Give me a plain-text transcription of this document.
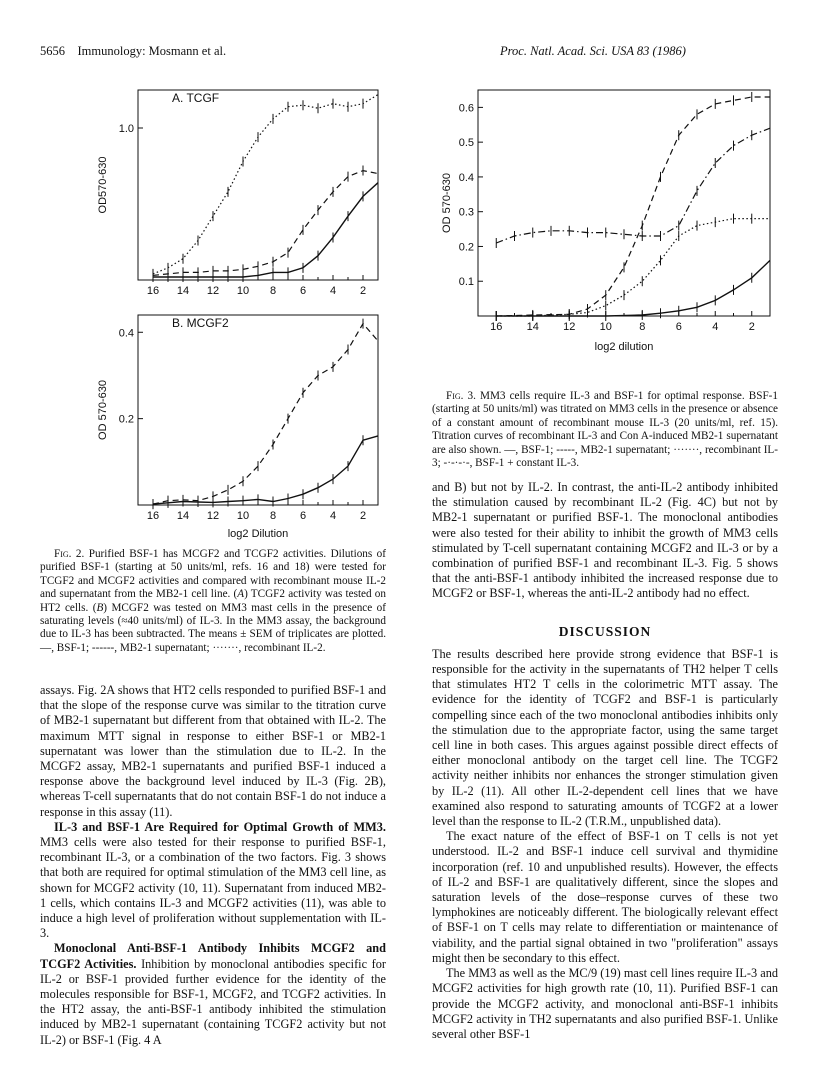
5656 Immunology: Mosmann et al.	Proc. Natl. Acad. Sci. USA 83 (1986)
16 14 12 10 8 6 4 2
1.0
A. TCGF
OD570-630
16 14 12 10 8 6 4 2
0.2
0.4
B. MCGF2
OD 570-630
log2 Dilution
16 14 12 10 8	6	4	2
0.1
0.2
0.3
0.4
0.5
0.6
OD 570-630
log2 dilution

Fig. 2. Purified BSF-1 has MCGF2 and TCGF2 activities. Dilutions of purified BSF-1 (starting at 50 units/ml, refs. 16 and 18) were tested for TCGF2 and MCGF2 activities and compared with recombinant mouse IL-2 and supernatant from the MB2-1 cell line. (A) TCGF2 activity was tested on HT2 cells. (B) MCGF2 was tested on MM3 mast cells in the presence of saturating levels (≈40 units/ml) of IL-3. In the MM3 assay, the background due to IL-3 has been subtracted. The means ± SEM of triplicates are plotted. —, BSF-1; ------, MB2-1 supernatant; ·······, recombinant IL-2.

Fig. 3. MM3 cells require IL-3 and BSF-1 for optimal response. BSF-1 (starting at 50 units/ml) was titrated on MM3 cells in the presence or absence of a constant amount of recombinant mouse IL-3 (20 units/ml, ref. 15). Titration curves of recombinant IL-3 and Con A-induced MB2-1 supernatant are also shown. —, BSF-1; -----, MB2-1 supernatant; ·······, recombinant IL-3; -·-·-·-, BSF-1 + constant IL-3.

assays. Fig. 2A shows that HT2 cells responded to purified BSF-1 and that the slope of the response curve was similar to the titration curve of MB2-1 supernatant but different from that obtained with IL-2. The maximum MTT signal in response to either BSF-1 or MB2-1 supernatant was lower than the stimulation due to IL-2. In the MCGF2 assay, MB2-1 supernatants and purified BSF-1 induced a response above the background level induced by IL-3 (Fig. 2B), whereas T-cell supernatants that do not contain BSF-1 do not induce a response in this assay (11).

IL-3 and BSF-1 Are Required for Optimal Growth of MM3. MM3 cells were also tested for their response to purified BSF-1, recombinant IL-3, or a combination of the two factors. Fig. 3 shows that both are required for optimal stimulation of the MM3 cell line, as shown for MCGF2 activity (10, 11). Supernatant from induced MB2-1 cells, which contains IL-3 and MCGF2 activities (11), was able to induce a high level of proliferation without supplementation with IL-3.

Monoclonal Anti-BSF-1 Antibody Inhibits MCGF2 and TCGF2 Activities. Inhibition by monoclonal antibodies specific for IL-2 or BSF-1 provided further evidence for the identity of the molecules responsible for BSF-1, MCGF2, and TCGF2 activities. In the HT2 assay, the anti-BSF-1 antibody inhibited the stimulation induced by MB2-1 supernatant (containing TCGF2 activity but not IL-2) or BSF-1 (Fig. 4 A

and B) but not by IL-2. In contrast, the anti-IL-2 antibody inhibited the stimulation caused by recombinant IL-2 (Fig. 4C) but not by MB2-1 supernatant or purified BSF-1. The monoclonal antibodies were also tested for their ability to inhibit the growth of MM3 cells stimulated by T-cell supernatant containing MCGF2 and IL-3 or by a combination of purified BSF-1 and recombinant IL-3. Fig. 5 shows that the anti-BSF-1 antibody inhibited the increased response due to MCGF2 or BSF-1, whereas the anti-IL-2 antibody had no effect.

DISCUSSION

The results described here provide strong evidence that BSF-1 is responsible for the activity in the supernatants of TH2 helper T cells that stimulates HT2 T cells in the colorimetric MTT assay. The evidence for the identity of TCGF2 and BSF-1 is particularly compelling since each of the two monoclonal antibodies inhibits only the stimulation due to the appropriate factor, using the same target cell line in both cases. This argues against possible direct effects of either monoclonal antibody on the target cell line. The TCGF2 activity neither inhibits nor enhances the stronger stimulation given by IL-2 (11). All other IL-2-dependent cell lines that we have examined also respond to saturating amounts of TCGF2 at a lower level than the response to IL-2 (T.R.M., unpublished data).

The exact nature of the effect of BSF-1 on T cells is not yet understood. IL-2 and BSF-1 induce cell survival and thymidine incorporation (ref. 10 and unpublished results). However, the effects of IL-2 and BSF-1 are qualitatively different, since the slopes and saturation levels of the dose–response curves of these two lymphokines are noticeably different. The biologically relevant effect of BSF-1 on T cells may relate to differentiation or maintenance of viability, and the partial signal obtained in two "proliferation" assays might then be secondary to this effect.

The MM3 as well as the MC/9 (19) mast cell lines require IL-3 and MCGF2 activities for high growth rate (10, 11). Purified BSF-1 can provide the MCGF2 activity, and monoclonal anti-BSF-1 inhibits MCGF2 activity in TH2 supernatants and also purified BSF-1. Unlike several other BSF-1
